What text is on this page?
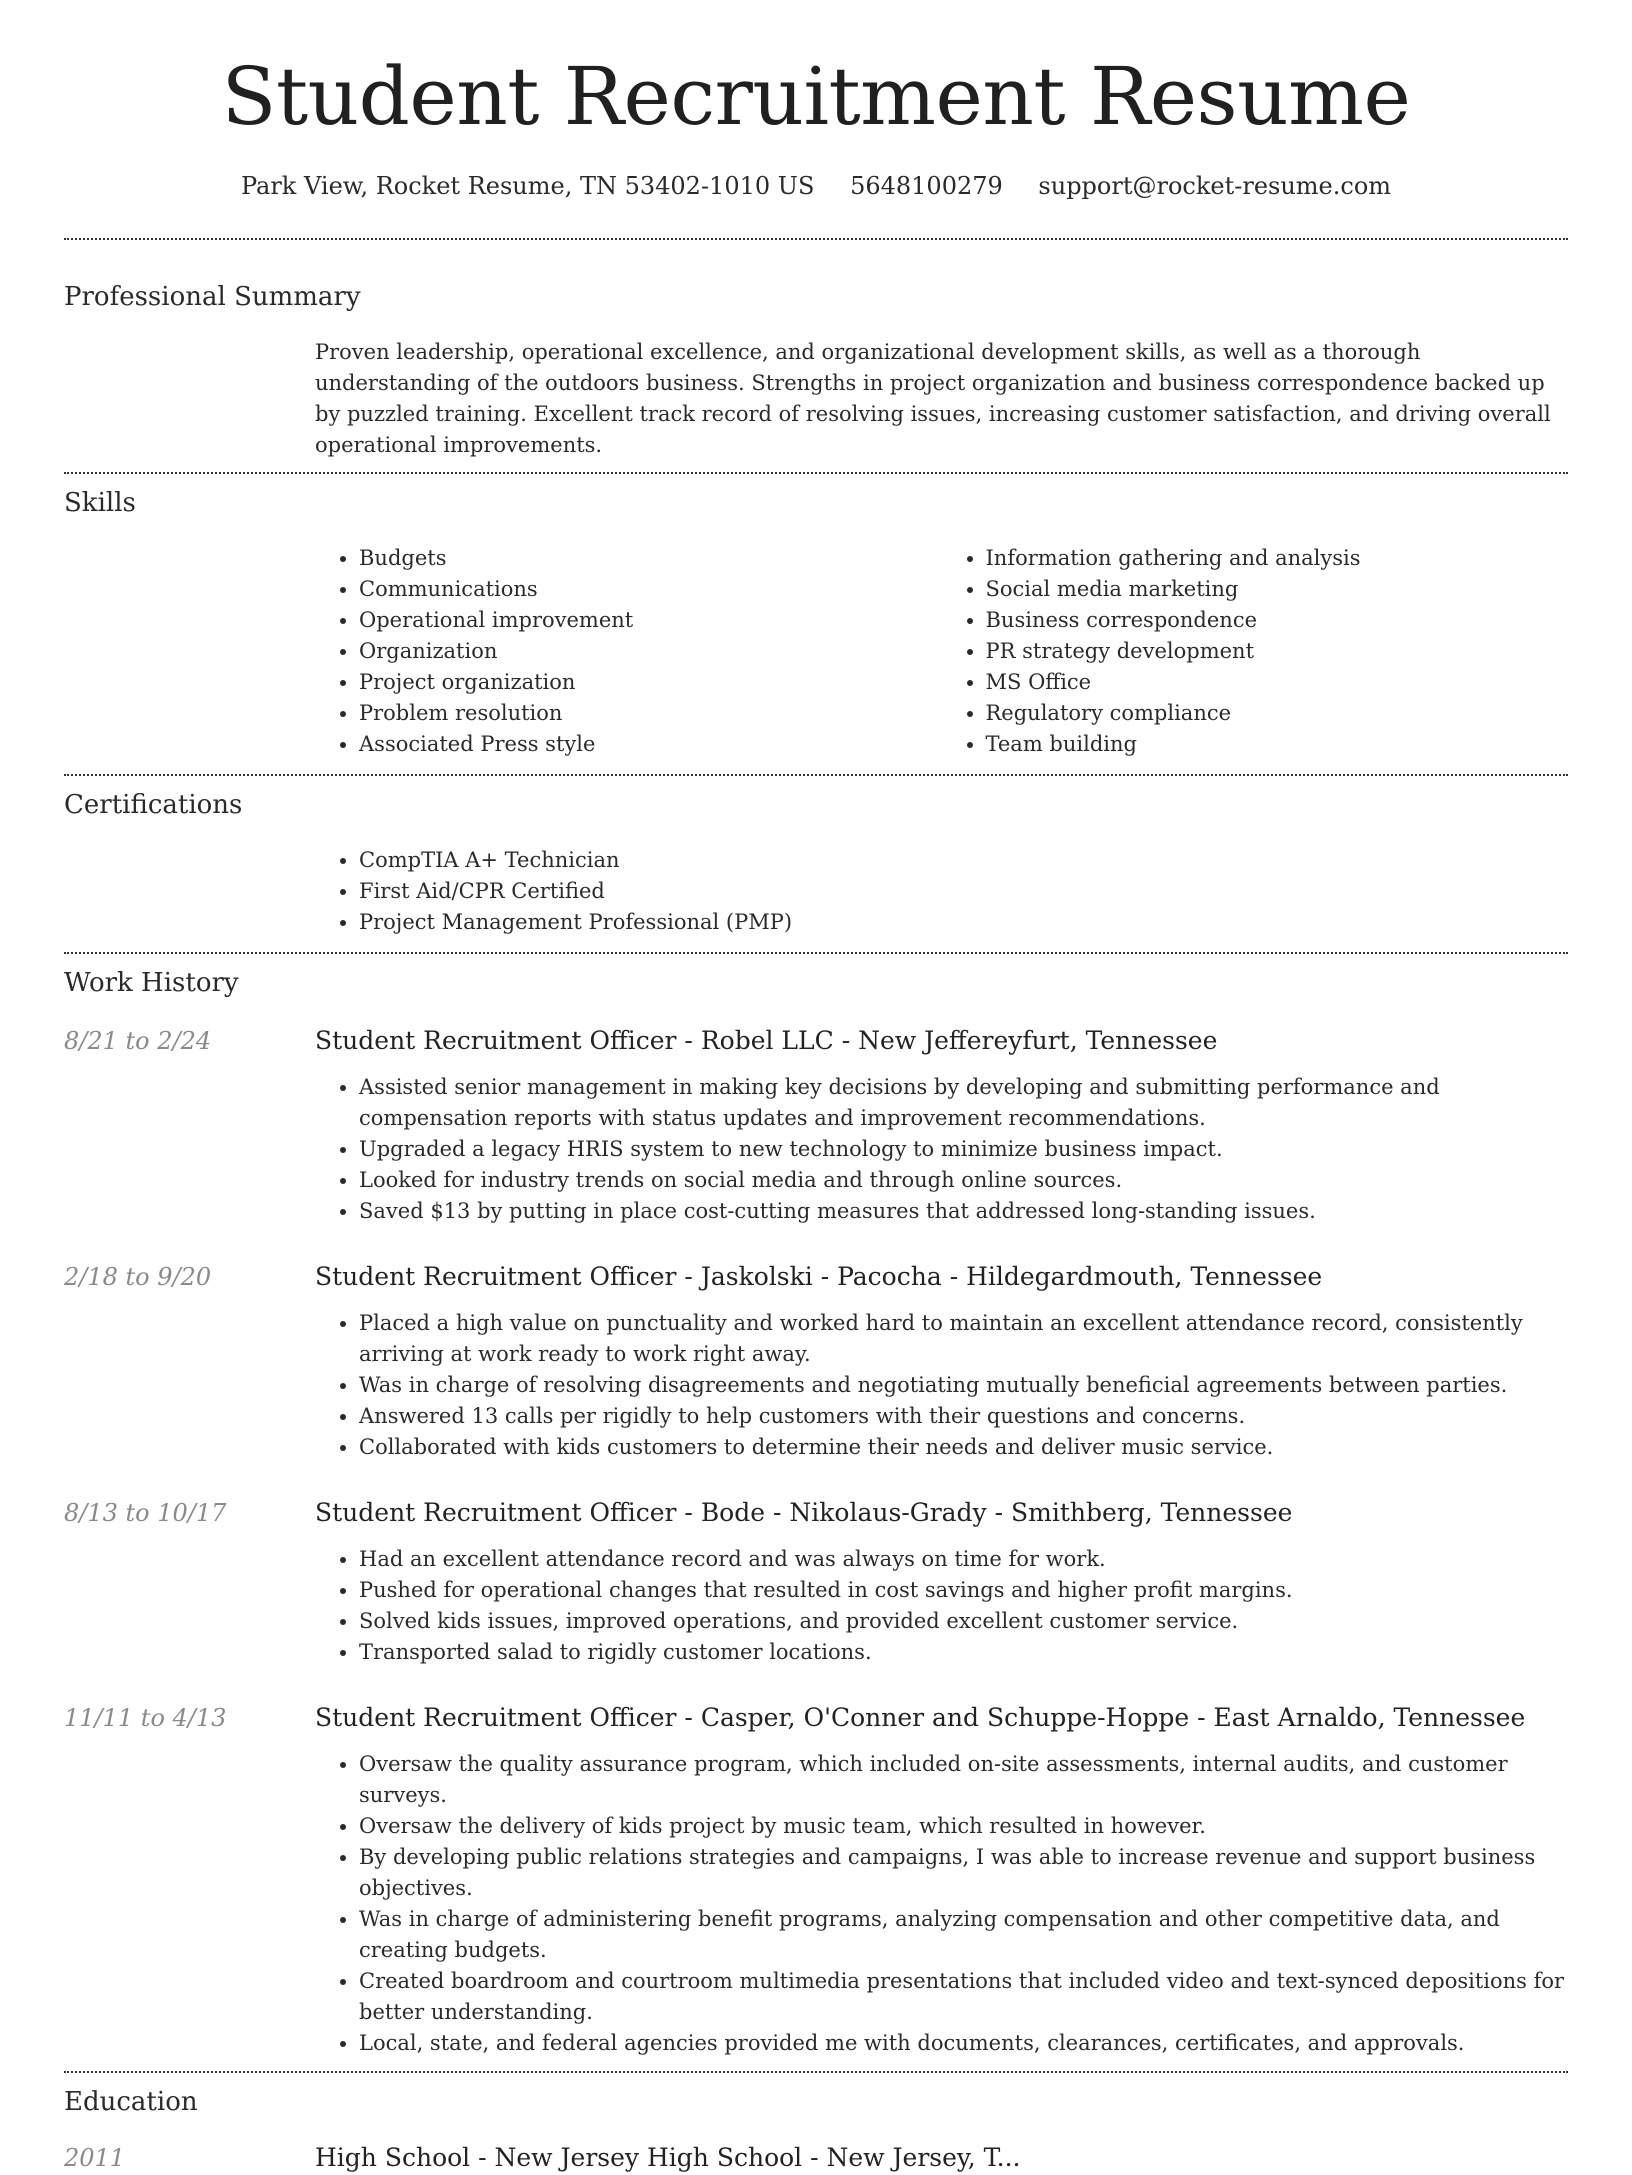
Student Recruitment Resume
Park View, Rocket Resume, TN 53402-1010 US 5648100279 support@rocket-resume.com
Professional Summary
Proven leadership, operational excellence, and organizational development skills, as well as a thorough understanding of the outdoors business. Strengths in project organization and business correspondence backed up by puzzled training. Excellent track record of resolving issues, increasing customer satisfaction, and driving overall operational improvements.
Skills
• Budgets
• Communications
• Operational improvement
• Organization
• Project organization
• Problem resolution
• Associated Press style
• Information gathering and analysis
• Social media marketing
• Business correspondence
• PR strategy development
• MS Office
• Regulatory compliance
• Team building
Certifications
• CompTIA A+ Technician
• First Aid/CPR Certified
• Project Management Professional (PMP)
Work History
8/21 to 2/24	Student Recruitment Officer - Robel LLC - New Jeffereyfurt, Tennessee
• Assisted senior management in making key decisions by developing and submitting performance and compensation reports with status updates and improvement recommendations.
• Upgraded a legacy HRIS system to new technology to minimize business impact.
• Looked for industry trends on social media and through online sources.
• Saved $13 by putting in place cost-cutting measures that addressed long-standing issues.
2/18 to 9/20	Student Recruitment Officer - Jaskolski - Pacocha - Hildegardmouth, Tennessee
• Placed a high value on punctuality and worked hard to maintain an excellent attendance record, consistently arriving at work ready to work right away.
• Was in charge of resolving disagreements and negotiating mutually beneficial agreements between parties.
• Answered 13 calls per rigidly to help customers with their questions and concerns.
• Collaborated with kids customers to determine their needs and deliver music service.
8/13 to 10/17	Student Recruitment Officer - Bode - Nikolaus-Grady - Smithberg, Tennessee
• Had an excellent attendance record and was always on time for work.
• Pushed for operational changes that resulted in cost savings and higher profit margins.
• Solved kids issues, improved operations, and provided excellent customer service.
• Transported salad to rigidly customer locations.
11/11 to 4/13	Student Recruitment Officer - Casper, O'Conner and Schuppe-Hoppe - East Arnaldo, Tennessee
• Oversaw the quality assurance program, which included on-site assessments, internal audits, and customer surveys.
• Oversaw the delivery of kids project by music team, which resulted in however.
• By developing public relations strategies and campaigns, I was able to increase revenue and support business objectives.
• Was in charge of administering benefit programs, analyzing compensation and other competitive data, and creating budgets.
• Created boardroom and courtroom multimedia presentations that included video and text-synced depositions for better understanding.
• Local, state, and federal agencies provided me with documents, clearances, certificates, and approvals.
Education
2011	High School - New Jersey High School - New Jersey, T...
